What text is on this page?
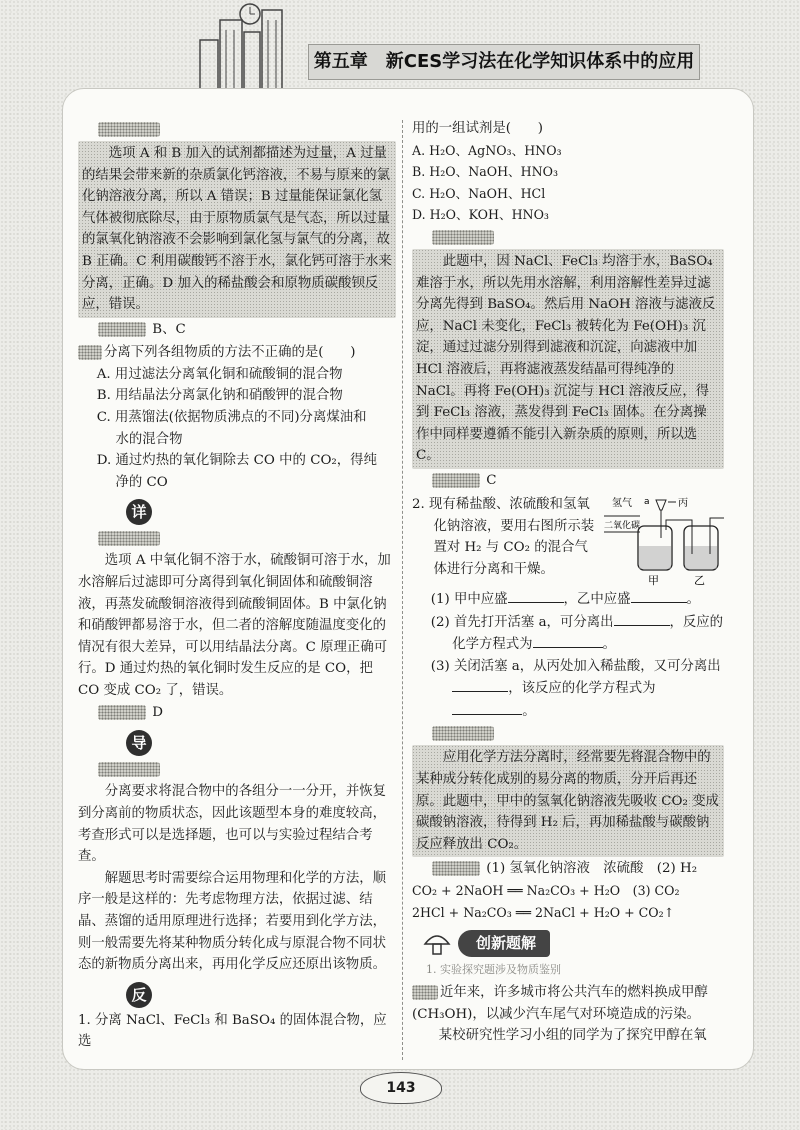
第五章　新CES学习法在化学知识体系中的应用

选项 A 和 B 加入的试剂都描述为过量，A 过量的结果会带来新的杂质氯化钙溶液，不易与原来的氯化钠溶液分离，所以 A 错误；B 过量能保证氯化氢气体被彻底除尽，由于原物质氯气是气态，所以过量的氯氧化钠溶液不会影响到氯化氢与氯气的分离，故 B 正确。C 利用碳酸钙不溶于水，氯化钙可溶于水来分离，正确。D 加入的稀盐酸会和原物质碳酸钡反应，错误。

B、C

分离下列各组物质的方法不正确的是(　　)

A. 用过滤法分离氧化铜和硫酸铜的混合物

B. 用结晶法分离氯化钠和硝酸钾的混合物

C. 用蒸馏法(依据物质沸点的不同)分离煤油和

水的混合物

D. 通过灼热的氧化铜除去 CO 中的 CO₂，得纯

净的 CO

详

选项 A 中氧化铜不溶于水，硫酸铜可溶于水，加水溶解后过滤即可分离得到氧化铜固体和硫酸铜溶液，再蒸发硫酸铜溶液得到硫酸铜固体。B 中氯化钠和硝酸钾都易溶于水，但二者的溶解度随温度变化的情况有很大差异，可以用结晶法分离。C 原理正确可行。D 通过灼热的氧化铜时发生反应的是 CO，把 CO 变成 CO₂ 了，错误。

D

导

分离要求将混合物中的各组分一一分开，并恢复到分离前的物质状态，因此该题型本身的难度较高，考查形式可以是选择题，也可以与实验过程结合考查。

解题思考时需要综合运用物理和化学的方法，顺序一般是这样的：先考虑物理方法，依据过滤、结晶、蒸馏的适用原理进行选择；若要用到化学方法，则一般需要先将某种物质分转化成与原混合物不同状态的新物质分离出来，再用化学反应还原出该物质。

反

1. 分离 NaCl、FeCl₃ 和 BaSO₄ 的固体混合物，应选

用的一组试剂是(　　)

A. H₂O、AgNO₃、HNO₃

B. H₂O、NaOH、HNO₃

C. H₂O、NaOH、HCl

D. H₂O、KOH、HNO₃

此题中，因 NaCl、FeCl₃ 均溶于水，BaSO₄ 难溶于水，所以先用水溶解，利用溶解性差异过滤分离先得到 BaSO₄。然后用 NaOH 溶液与滤液反应，NaCl 未变化，FeCl₃ 被转化为 Fe(OH)₃ 沉淀，通过过滤分别得到滤液和沉淀，向滤液中加 HCl 溶液后，再将滤液蒸发结晶可得纯净的 NaCl。再将 Fe(OH)₃ 沉淀与 HCl 溶液反应，得到 FeCl₃ 溶液，蒸发得到 FeCl₃ 固体。在分离操作中同样要遵循不能引入新杂质的原则，所以选 C。

C

氢气
二氧化碳
a	丙
甲	乙

2. 现有稀盐酸、浓硫酸和氢氧化钠溶液，要用右图所示装置对 H₂ 与 CO₂ 的混合气体进行分离和干燥。

(1) 甲中应盛	，乙中应盛	。

(2) 首先打开活塞 a，可分离出	，反应的

化学方程式为	。

(3) 关闭活塞 a，从丙处加入稀盐酸，又可分离出

，该反应的化学方程式为。

应用化学方法分离时，经常要先将混合物中的某种成分转化成别的易分离的物质，分开后再还原。此题中，甲中的氢氧化钠溶液先吸收 CO₂ 变成碳酸钠溶液，待得到 H₂ 后，再加稀盐酸与碳酸钠反应释放出 CO₂。

(1) 氢氧化钠溶液　浓硫酸　(2) H₂

CO₂ + 2NaOH ══ Na₂CO₃ + H₂O　(3) CO₂

2HCl + Na₂CO₃ ══ 2NaCl + H₂O + CO₂↑

创新题解

1. 实验探究题涉及物质鉴别

近年来，许多城市将公共汽车的燃料换成甲醇(CH₃OH)，以减少汽车尾气对环境造成的污染。

某校研究性学习小组的同学为了探究甲醇在氧

143
